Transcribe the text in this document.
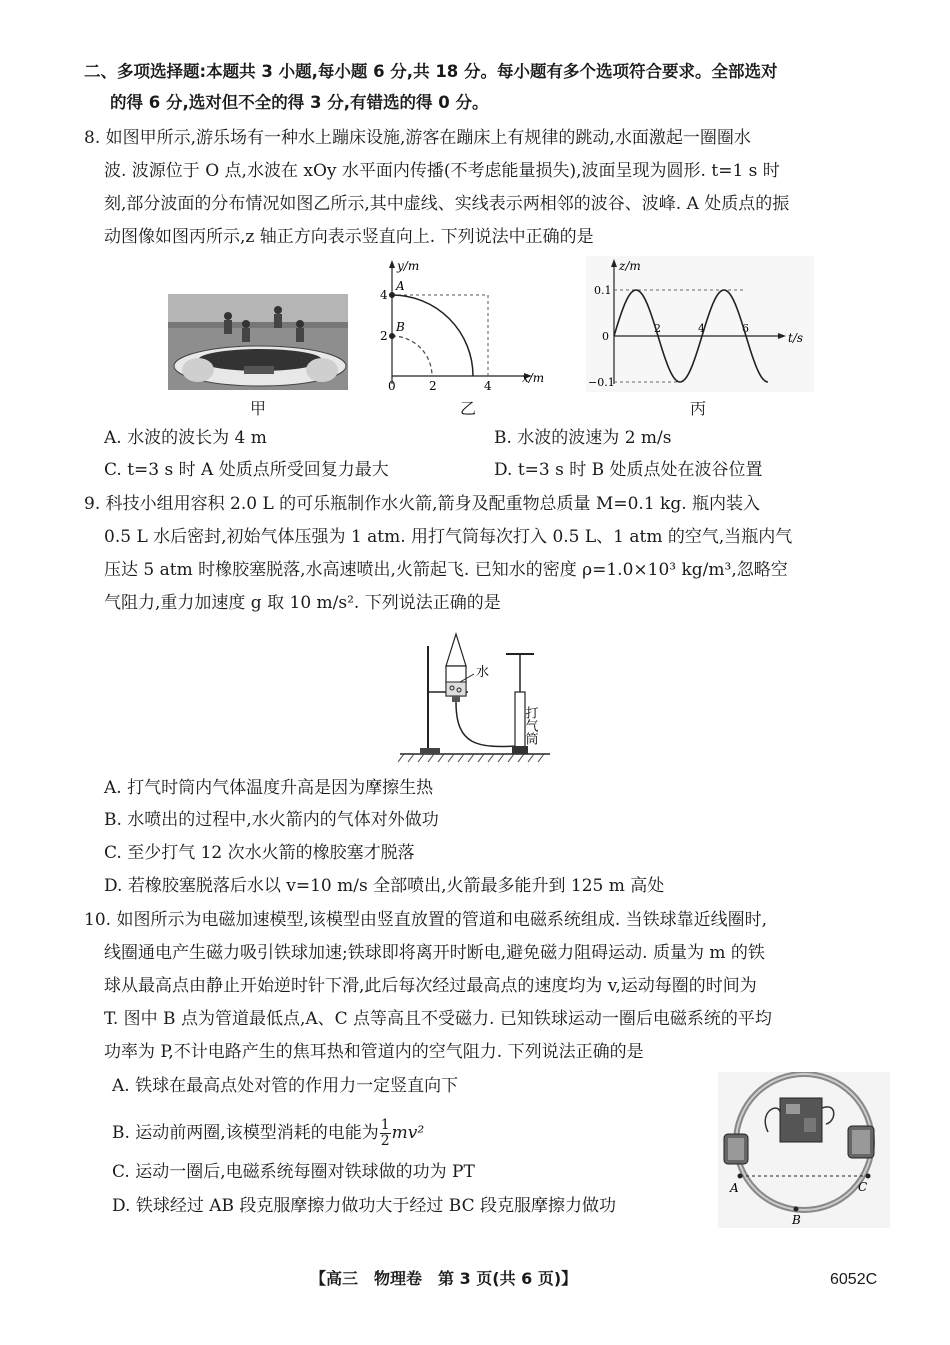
二、多项选择题:本题共 3 小题,每小题 6 分,共 18 分。每小题有多个选项符合要求。全部选对
的得 6 分,选对但不全的得 3 分,有错选的得 0 分。
8. 如图甲所示,游乐场有一种水上蹦床设施,游客在蹦床上有规律的跳动,水面激起一圈圈水
波. 波源位于 O 点,水波在 xOy 水平面内传播(不考虑能量损失),波面呈现为圆形. t=1 s 时
刻,部分波面的分布情况如图乙所示,其中虚线、实线表示两相邻的波谷、波峰. A 处质点的振
动图像如图丙所示,z 轴正方向表示竖直向上. 下列说法中正确的是
甲
y/m
x/m
4
2
A
B
0	2	4
乙
z/m
t/s
0.1
0
−0.1
2	4	6
丙
A. 水波的波长为 4 m	B. 水波的波速为 2 m/s
C. t=3 s 时 A 处质点所受回复力最大	D. t=3 s 时 B 处质点处在波谷位置
9. 科技小组用容积 2.0 L 的可乐瓶制作水火箭,箭身及配重物总质量 M=0.1 kg. 瓶内装入
0.5 L 水后密封,初始气体压强为 1 atm. 用打气筒每次打入 0.5 L、1 atm 的空气,当瓶内气
压达 5 atm 时橡胶塞脱落,水高速喷出,火箭起飞. 已知水的密度 ρ=1.0×10³ kg/m³,忽略空
气阻力,重力加速度 g 取 10 m/s². 下列说法正确的是
水
打气筒
A. 打气时筒内气体温度升高是因为摩擦生热
B. 水喷出的过程中,水火箭内的气体对外做功
C. 至少打气 12 次水火箭的橡胶塞才脱落
D. 若橡胶塞脱落后水以 v=10 m/s 全部喷出,火箭最多能升到 125 m 高处
10. 如图所示为电磁加速模型,该模型由竖直放置的管道和电磁系统组成. 当铁球靠近线圈时,
线圈通电产生磁力吸引铁球加速;铁球即将离开时断电,避免磁力阻碍运动. 质量为 m 的铁
球从最高点由静止开始逆时针下滑,此后每次经过最高点的速度均为 v,运动每圈的时间为
T. 图中 B 点为管道最低点,A、C 点等高且不受磁力. 已知铁球运动一圈后电磁系统的平均
功率为 P,不计电路产生的焦耳热和管道内的空气阻力. 下列说法正确的是
A. 铁球在最高点处对管的作用力一定竖直向下
B. 运动前两圈,该模型消耗的电能为 $\frac{1}{2} mv^2$
C. 运动一圈后,电磁系统每圈对铁球做的功为 PT
D. 铁球经过 AB 段克服摩擦力做功大于经过 BC 段克服摩擦力做功
A
B
C
【高三　物理卷　第 3 页(共 6 页)】	6052C
